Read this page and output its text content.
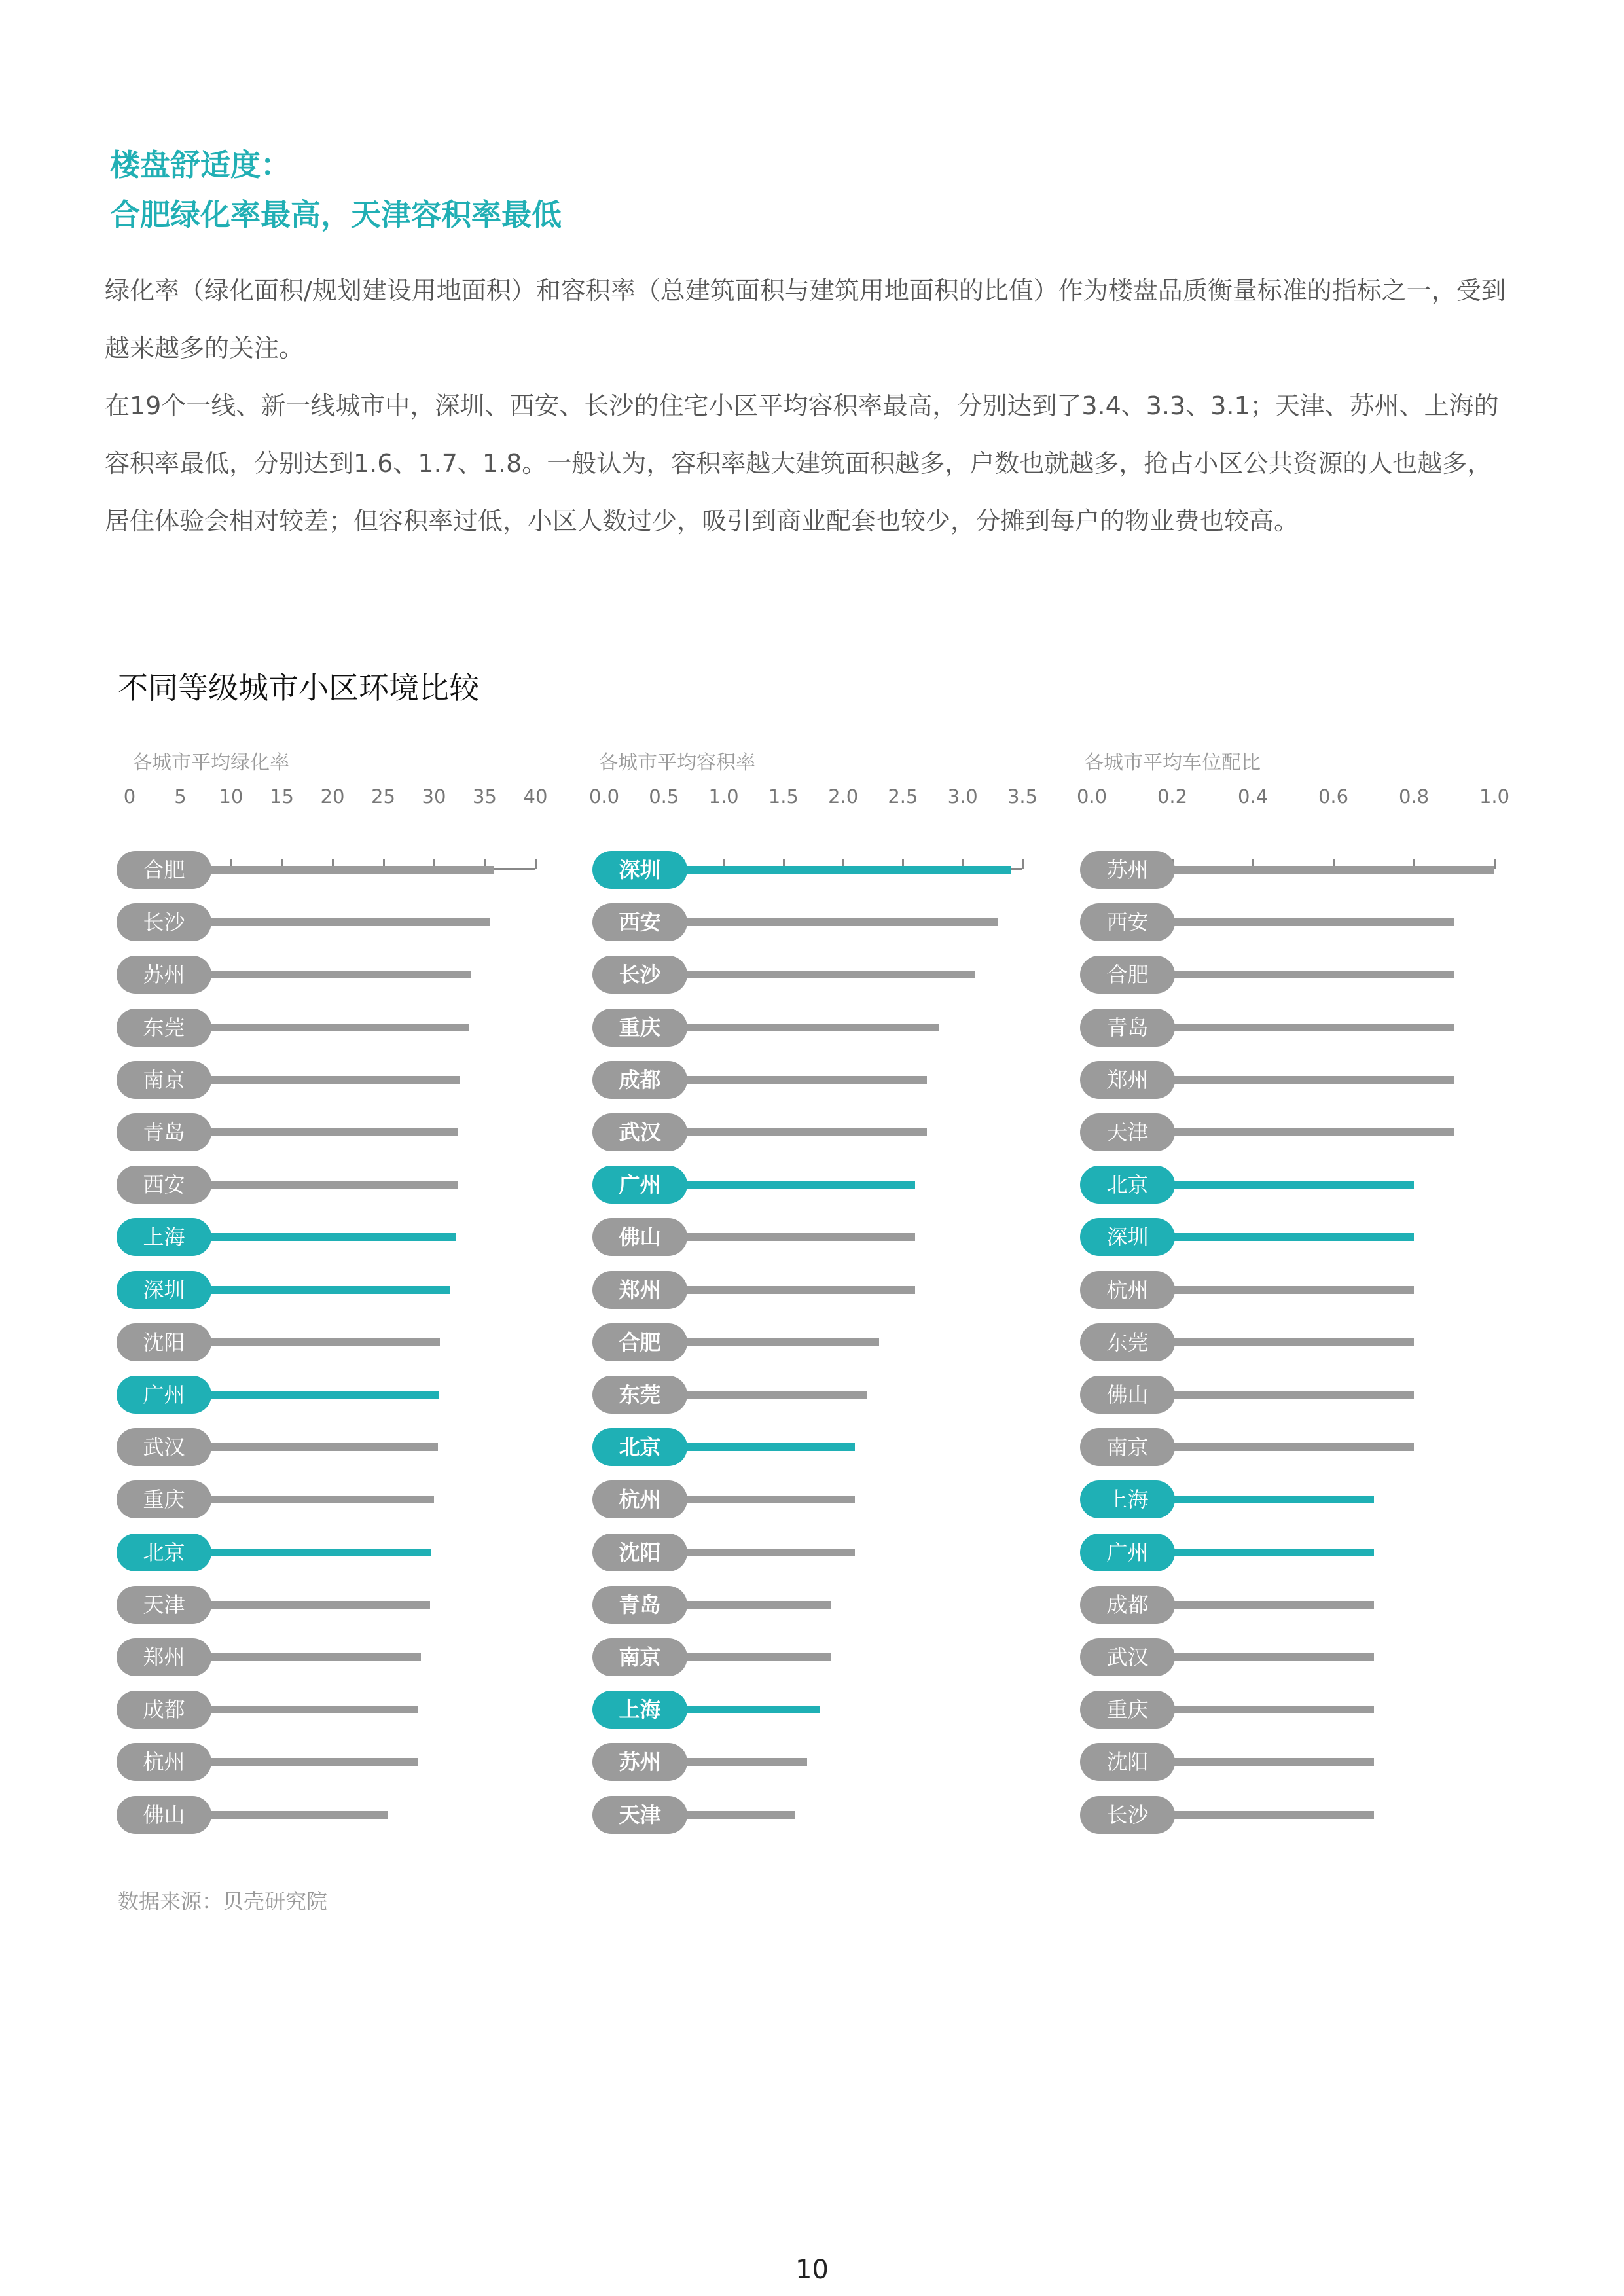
楼盘舒适度：
合肥绿化率最高，天津容积率最低

绿化率（绿化面积/规划建设用地面积）和容积率（总建筑面积与建筑用地面积的比值）作为楼盘品质衡量标准的指标之一，受到越来越多的关注。

在19个一线、新一线城市中，深圳、西安、长沙的住宅小区平均容积率最高，分别达到了3.4、3.3、3.1；天津、苏州、上海的容积率最低，分别达到1.6、1.7、1.8。一般认为，容积率越大建筑面积越多，户数也就越多，抢占小区公共资源的人也越多，居住体验会相对较差；但容积率过低，小区人数过少，吸引到商业配套也较少，分摊到每户的物业费也较高。

不同等级城市小区环境比较
各城市平均绿化率
0 5 10 15 20 25 30 35 40
合肥
长沙
苏州
东莞
南京
青岛
西安
上海
深圳
沈阳
广州
武汉
重庆
北京
天津
郑州
成都
杭州
佛山
各城市平均容积率
0.0 0.5 1.0 1.5 2.0 2.5 3.0 3.5
深圳
西安
长沙
重庆
成都
武汉
广州
佛山
郑州
合肥
东莞
北京
杭州
沈阳
青岛
南京
上海
苏州
天津
各城市平均车位配比
0.0	0.2	0.4	0.6	0.8	1.0
苏州
西安
合肥
青岛
郑州
天津
北京
深圳
杭州
东莞
佛山
南京
上海
广州
成都
武汉
重庆
沈阳
长沙
数据来源：贝壳研究院
10
